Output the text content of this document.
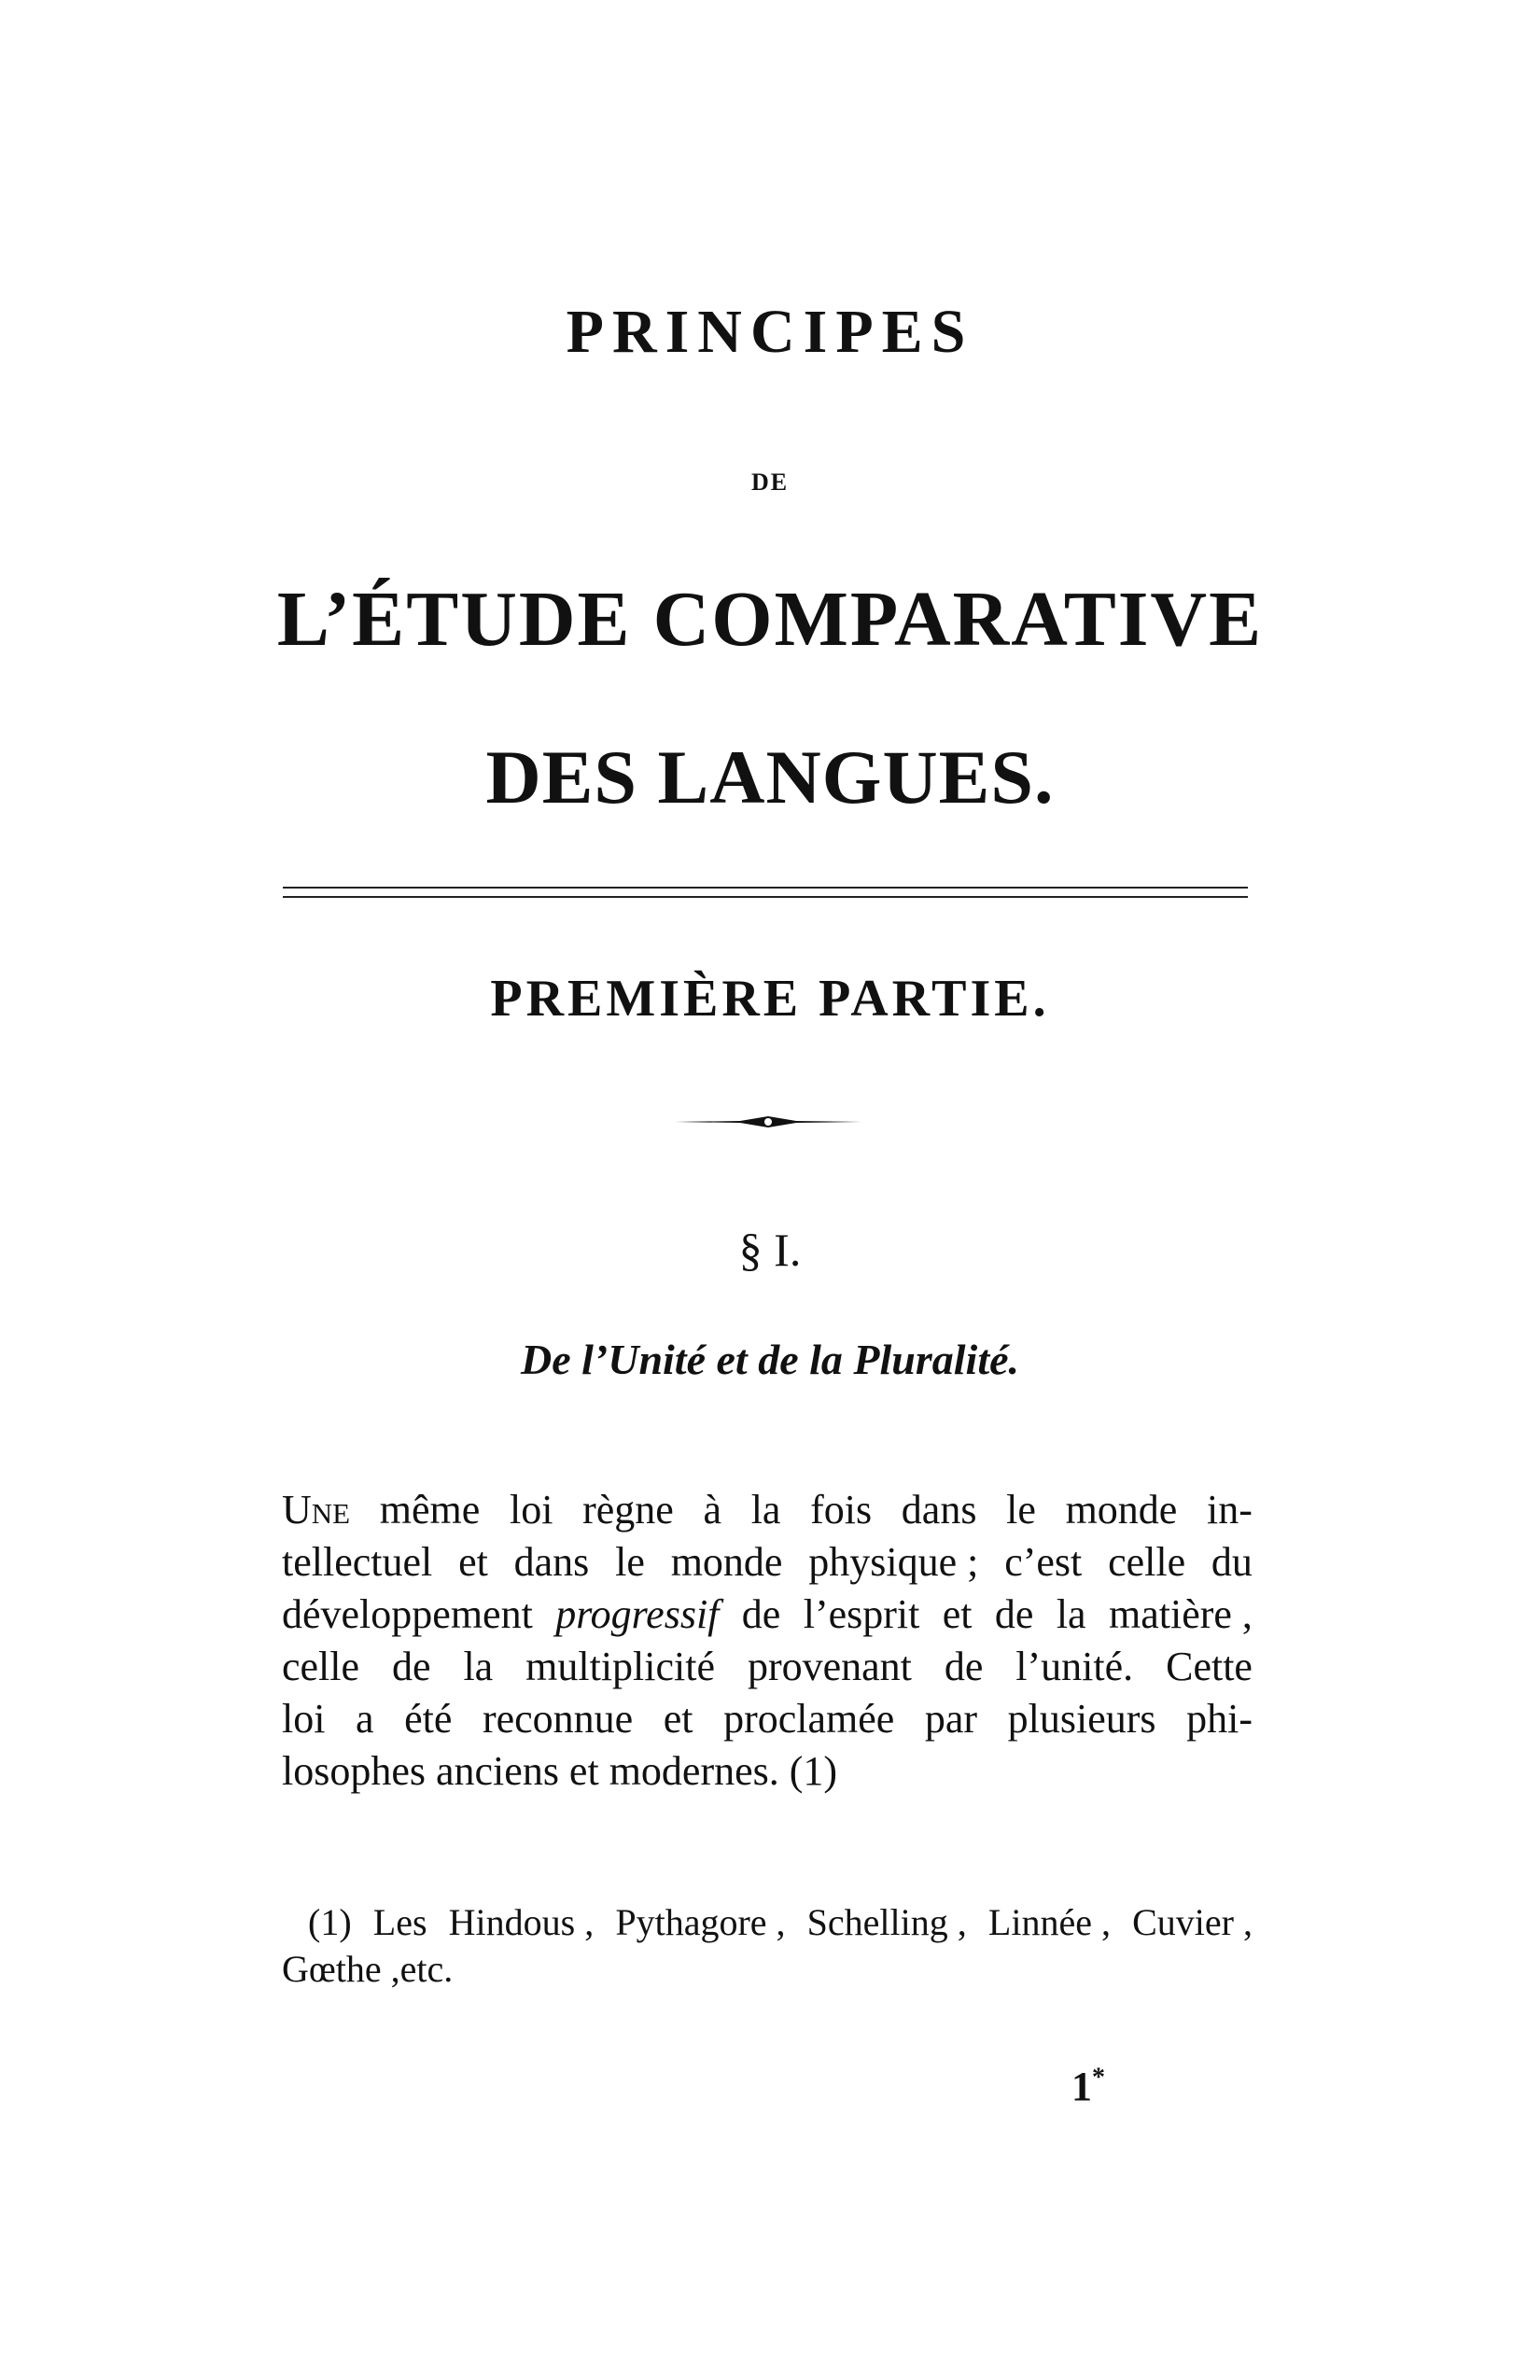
PRINCIPES
DE
L’ÉTUDE COMPARATIVE
DES LANGUES.
PREMIÈRE PARTIE.
§ I.
De l’Unité et de la Pluralité.
Une même loi règne à la fois dans le monde in-
tellectuel et dans le monde physique ; c’est celle du
développement progressif de l’esprit et de la matière ,
celle de la multiplicité provenant de l’unité. Cette
loi a été reconnue et proclamée par plusieurs phi-
losophes anciens et modernes. (1)
(1) Les Hindous , Pythagore , Schelling , Linnée , Cuvier ,
Gœthe ,etc.
1*
